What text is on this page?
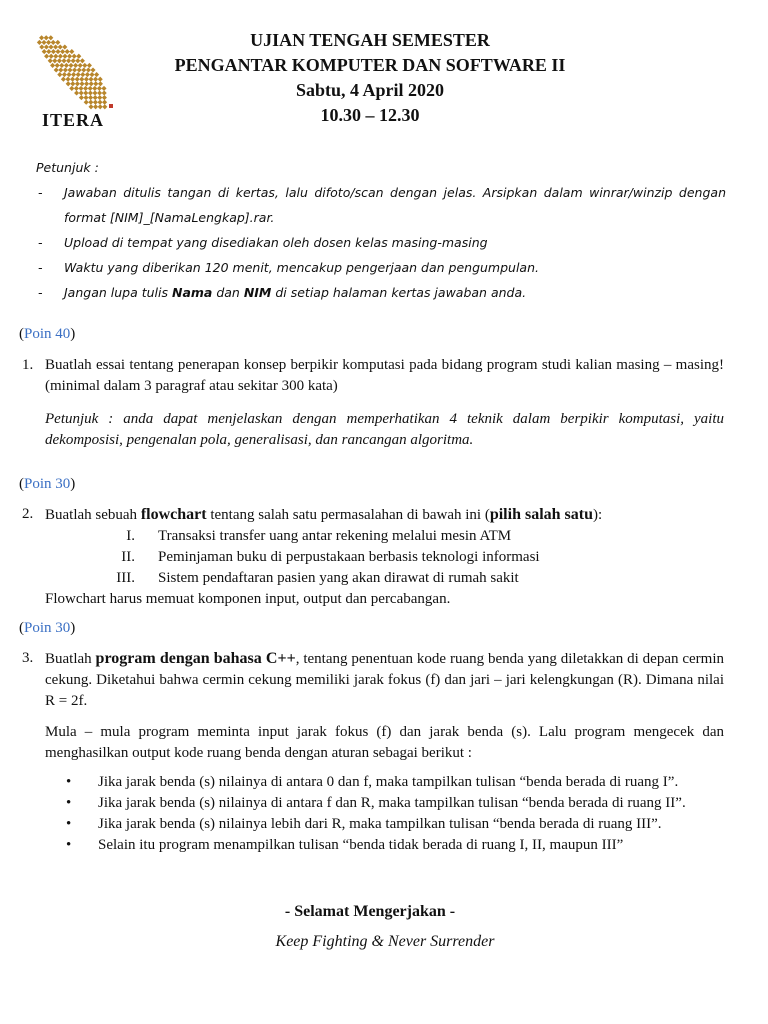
ITERA
UJIAN TENGAH SEMESTER
PENGANTAR KOMPUTER DAN SOFTWARE II
Sabtu, 4 April 2020
10.30 – 12.30
Petunjuk :
-	Jawaban ditulis tangan di kertas, lalu difoto/scan dengan jelas. Arsipkan dalam winrar/winzip dengan format [NIM]_[NamaLengkap].rar.
-	Upload di tempat yang disediakan oleh dosen kelas masing-masing
-	Waktu yang diberikan 120 menit, mencakup pengerjaan dan pengumpulan.
-	Jangan lupa tulis Nama dan NIM di setiap halaman kertas jawaban anda.
(Poin 40)
1. Buatlah essai tentang penerapan konsep berpikir komputasi pada bidang program studi kalian masing – masing! (minimal dalam 3 paragraf atau sekitar 300 kata)
Petunjuk : anda dapat menjelaskan dengan memperhatikan 4 teknik dalam berpikir komputasi, yaitu dekomposisi, pengenalan pola, generalisasi, dan rancangan algoritma.
(Poin 30)
2. Buatlah sebuah flowchart tentang salah satu permasalahan di bawah ini (pilih salah satu):
I.	Transaksi transfer uang antar rekening melalui mesin ATM
II.	Peminjaman buku di perpustakaan berbasis teknologi informasi
III.	Sistem pendaftaran pasien yang akan dirawat di rumah sakit
Flowchart harus memuat komponen input, output dan percabangan.
(Poin 30)
3. Buatlah program dengan bahasa C++, tentang penentuan kode ruang benda yang diletakkan di depan cermin cekung. Diketahui bahwa cermin cekung memiliki jarak fokus (f) dan jari – jari kelengkungan (R). Dimana nilai R = 2f.
Mula – mula program meminta input jarak fokus (f) dan jarak benda (s). Lalu program mengecek dan menghasilkan output kode ruang benda dengan aturan sebagai berikut :
•	Jika jarak benda (s) nilainya di antara 0 dan f, maka tampilkan tulisan “benda berada di ruang I”.
•	Jika jarak benda (s) nilainya di antara f dan R, maka tampilkan tulisan “benda berada di ruang II”.
•	Jika jarak benda (s) nilainya lebih dari R, maka tampilkan tulisan “benda berada di ruang III”.
•	Selain itu program menampilkan tulisan “benda tidak berada di ruang I, II, maupun III”
- Selamat Mengerjakan -
Keep Fighting & Never Surrender
